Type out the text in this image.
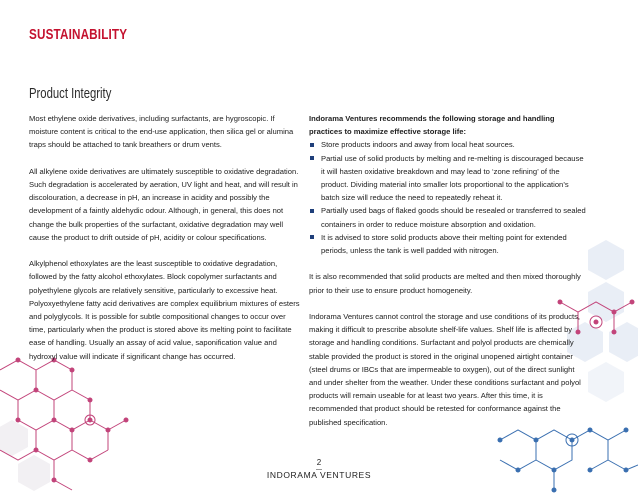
SUSTAINABILITY
Product Integrity

Most ethylene oxide derivatives, including surfactants, are hygroscopic. If moisture content is critical to the end-use application, then silica gel or alumina traps should be attached to tank breathers or drum vents.

All alkylene oxide derivatives are ultimately susceptible to oxidative degradation. Such degradation is accelerated by aeration, UV light and heat, and will result in discolouration, a decrease in pH, an increase in acidity and possibly the development of a faintly aldehydic odour. Although, in general, this does not change the bulk properties of the surfactant, oxidative degradation may well cause the product to drift outside of pH, acidity or colour specifications.

Alkylphenol ethoxylates are the least susceptible to oxidative degradation, followed by the fatty alcohol ethoxylates. Block copolymer surfactants and polyethylene glycols are relatively sensitive, particularly to excessive heat. Polyoxyethylene fatty acid derivatives are complex equilibrium mixtures of esters and polyglycols. It is possible for subtle compositional changes to occur over time, particularly when the product is stored above its melting point to facilitate ease of handling. Usually an assay of acid value, saponification value and hydroxyl value will indicate if significant change has occurred.

Indorama Ventures recommends the following storage and handling practices to maximize effective storage life:

Store products indoors and away from local heat sources.
Partial use of solid products by melting and re-melting is discouraged because it will hasten oxidative breakdown and may lead to ‘zone refining’ of the product. Dividing material into smaller lots proportional to the application’s batch size will reduce the need to repeatedly reheat it.
Partially used bags of flaked goods should be resealed or transferred to sealed containers in order to reduce moisture absorption and oxidation.
It is advised to store solid products above their melting point for extended periods, unless the tank is well padded with nitrogen.

It is also recommended that solid products are melted and then mixed thoroughly prior to their use to ensure product homogeneity.

Indorama Ventures cannot control the storage and use conditions of its products, making it difficult to prescribe absolute shelf-life values. Shelf life is affected by storage and handling conditions. Surfactant and polyol products are chemically stable provided the product is stored in the original unopened airtight container (steel drums or IBCs that are impermeable to oxygen), out of the direct sunlight and under shelter from the weather. Under these conditions surfactant and polyol products will remain useable for at least two years. After this time, it is recommended that product should be retested for conformance against the published specification.

2
INDORAMA VENTURES
